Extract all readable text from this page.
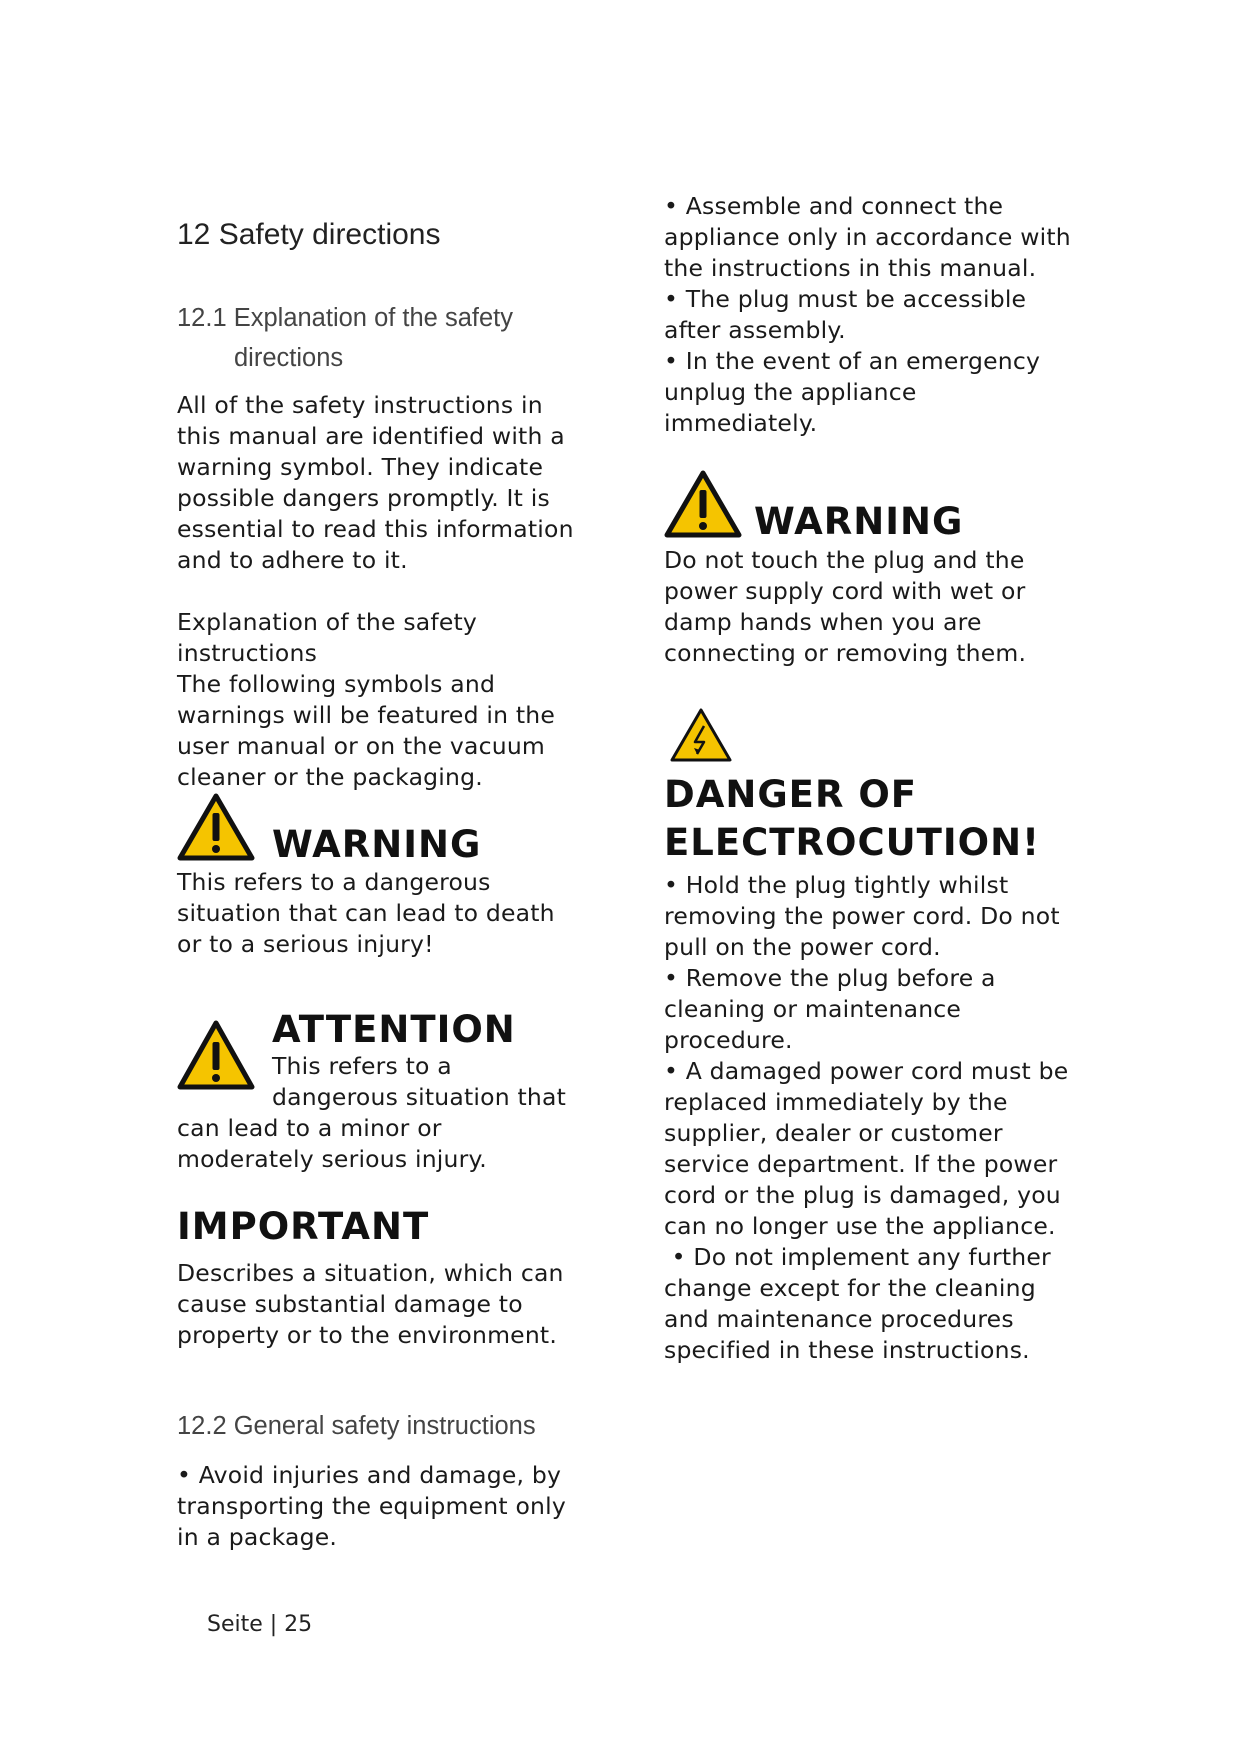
12 Safety directions
12.1 Explanation of the safety
directions
All of the safety instructions in
this manual are identified with a
warning symbol. They indicate
possible dangers promptly. It is
essential to read this information
and to adhere to it.
Explanation of the safety
instructions
The following symbols and
warnings will be featured in the
user manual or on the vacuum
cleaner or the packaging.
WARNING
This refers to a dangerous
situation that can lead to death
or to a serious injury!
ATTENTION
This refers to a
dangerous situation that
can lead to a minor or
moderately serious injury.
IMPORTANT
Describes a situation, which can
cause substantial damage to
property or to the environment.
12.2 General safety instructions
• Avoid injuries and damage, by
transporting the equipment only
in a package.
• Assemble and connect the
appliance only in accordance with
the instructions in this manual.
• The plug must be accessible
after assembly.
• In the event of an emergency
unplug the appliance
immediately.
WARNING
Do not touch the plug and the
power supply cord with wet or
damp hands when you are
connecting or removing them.
DANGER OF
ELECTROCUTION!
• Hold the plug tightly whilst
removing the power cord. Do not
pull on the power cord.
• Remove the plug before a
cleaning or maintenance
procedure.
• A damaged power cord must be
replaced immediately by the
supplier, dealer or customer
service department. If the power
cord or the plug is damaged, you
can no longer use the appliance.
• Do not implement any further
change except for the cleaning
and maintenance procedures
specified in these instructions.
Seite | 25
